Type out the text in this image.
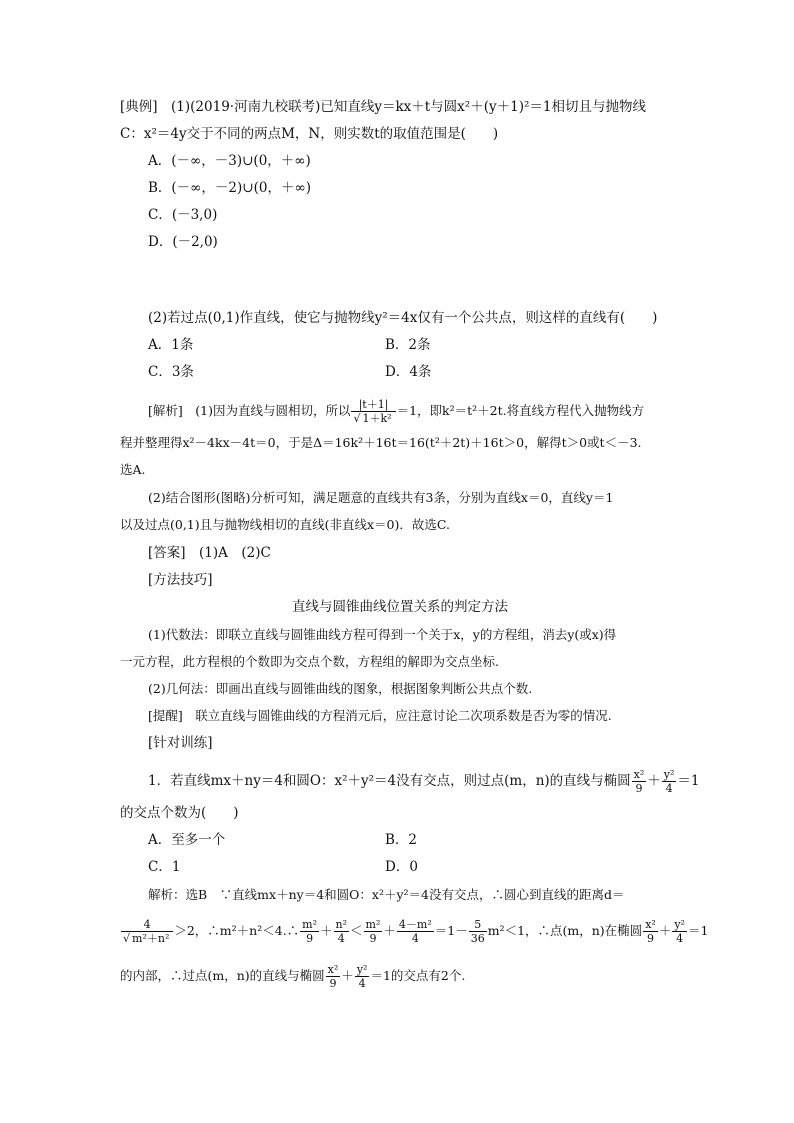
[典例]　(1)(2019·河南九校联考)已知直线y＝kx＋t与圆x²＋(y＋1)²＝1相切且与抛物线
C：x²＝4y交于不同的两点M，N，则实数t的取值范围是(　　)
A．(－∞，－3)∪(0，＋∞)
B．(－∞，－2)∪(0，＋∞)
C．(－3,0)
D．(－2,0)
(2)若过点(0,1)作直线，使它与抛物线y²＝4x仅有一个公共点，则这样的直线有(　　)
A．1条	B．2条
C．3条	D．4条
[解析]　(1)因为直线与圆相切，所以 $\frac{|t+1|}{\text{√ 1＋k²}} =1$，即k²＝t²＋2t.将直线方程代入抛物线方
程并整理得x²－4kx－4t＝0，于是Δ＝16k²＋16t＝16(t²＋2t)＋16t＞0，解得t＞0或t＜－3.
选A.
(2)结合图形(图略)分析可知，满足题意的直线共有3条，分别为直线x＝0，直线y＝1
以及过点(0,1)且与抛物线相切的直线(非直线x＝0)．故选C.
[答案]　(1)A　(2)C
[方法技巧]
直线与圆锥曲线位置关系的判定方法
(1)代数法：即联立直线与圆锥曲线方程可得到一个关于x，y的方程组，消去y(或x)得
一元方程，此方程根的个数即为交点个数，方程组的解即为交点坐标.
(2)几何法：即画出直线与圆锥曲线的图象，根据图象判断公共点个数.
[提醒]　联立直线与圆锥曲线的方程消元后，应注意讨论二次项系数是否为零的情况.
[针对训练]
1．若直线mx＋ny＝4和圆O：x²＋y²＝4没有交点，则过点(m，n)的直线与椭圆 $\frac{\text{x²}}{9} + \frac{\text{y²}}{4} =1$
的交点个数为(　　)
A．至多一个	B．2
C．1	D．0
解析：选B　∵直线mx＋ny＝4和圆O：x²＋y²＝4没有交点，∴圆心到直线的距离d＝
$\frac{4}{\text{√ m²＋n²}} >2$，∴m²＋n²＜4.∴ $\frac{\text{m²}}{9} + \frac{\text{n²}}{4} < \frac{\text{m²}}{9} + \frac{\text{4－m²}}{4} =1- \frac{5}{36} m^2<1$，∴点(m，n)在椭圆 $\frac{\text{x²}}{9} + \frac{\text{y²}}{4} =1$
的内部，∴过点(m，n)的直线与椭圆 $\frac{\text{x²}}{9} + \frac{\text{y²}}{4} =1$的交点有2个.
